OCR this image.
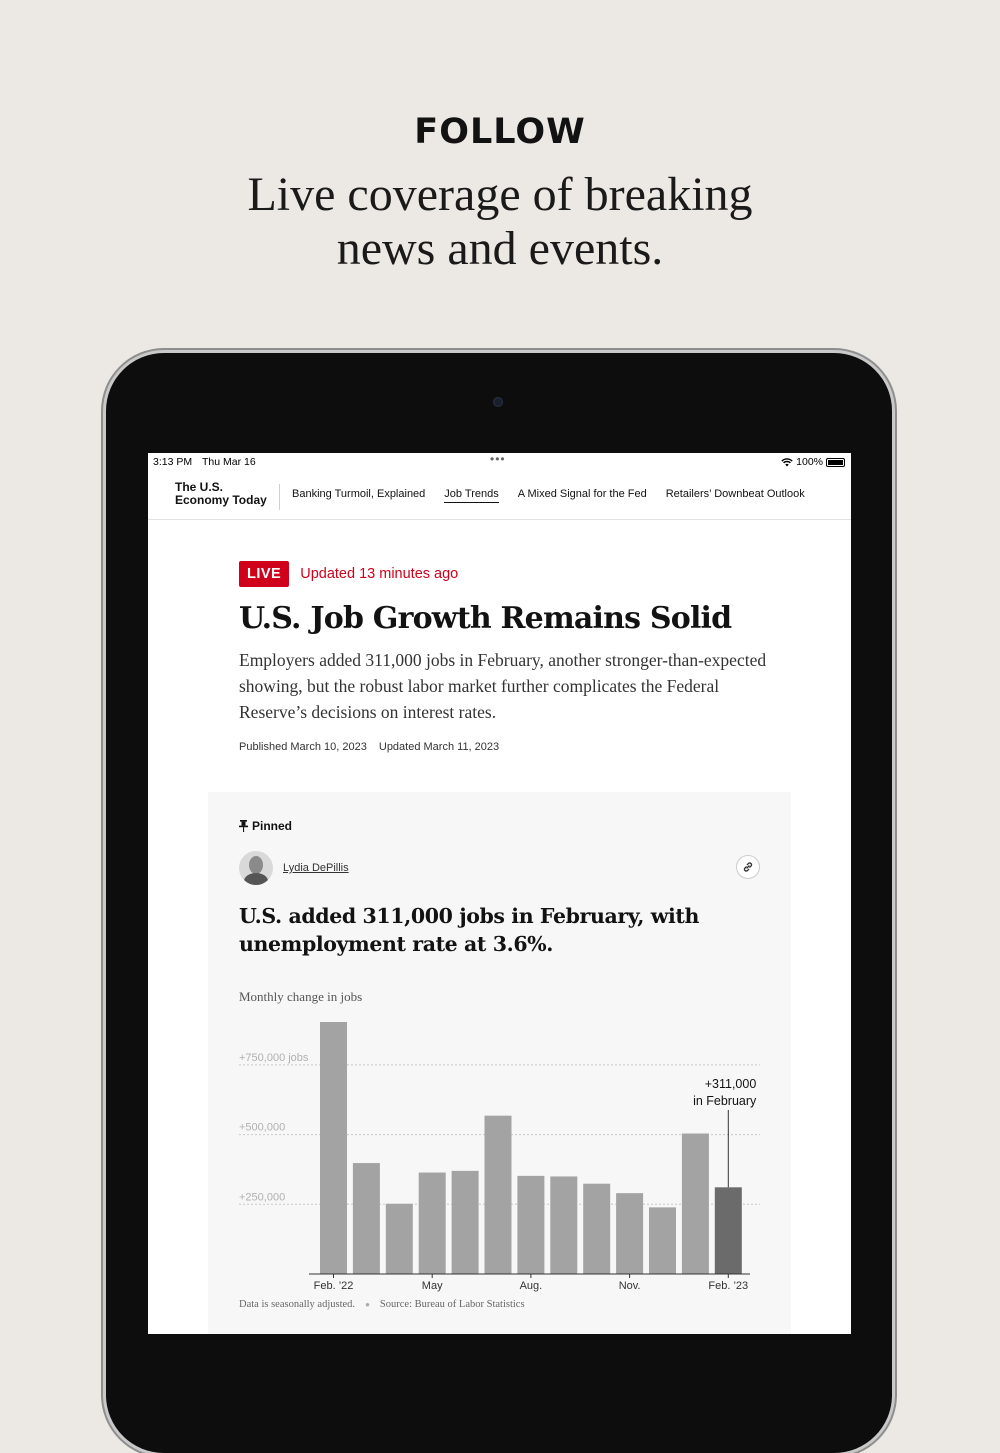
FOLLOW
Live coverage of breaking
news and events.
3:13 PM Thu Mar 16	•••	100%
The U.S.
Economy Today	Banking Turmoil, Explained Job Trends A Mixed Signal for the Fed Retailers’ Downbeat Outlook
LIVE	Updated 13 minutes ago
U.S. Job Growth Remains Solid
Employers added 311,000 jobs in February, another stronger-than-expected showing, but the robust labor market further complicates the Federal Reserve’s decisions on interest rates.
Published March 10, 2023 Updated March 11, 2023
Pinned
Lydia DePillis
U.S. added 311,000 jobs in February, with unemployment rate at 3.6%.
Monthly change in jobs
+250,000
+500,000
+750,000 jobs
Feb. ’22	May	Aug.	Nov.	Feb. ’23
+311,000
in February
Data is seasonally adjusted. ● Source: Bureau of Labor Statistics
